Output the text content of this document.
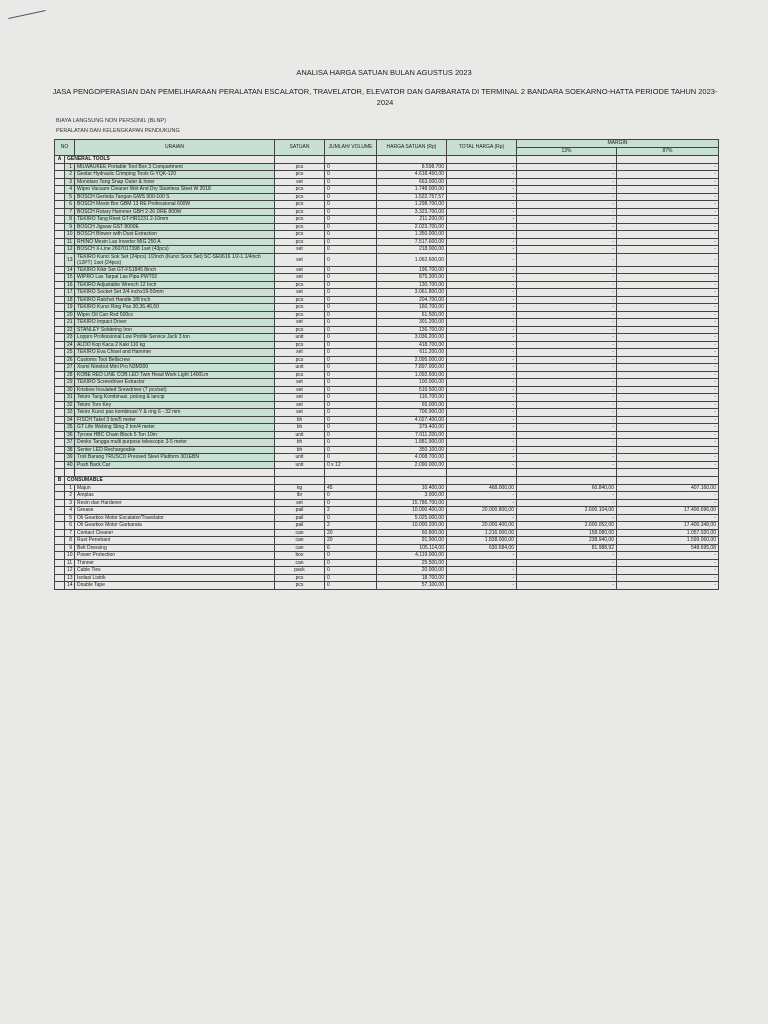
ANALISA HARGA SATUAN BULAN AGUSTUS 2023
JASA PENGOPERASIAN DAN PEMELIHARAAN PERALATAN ESCALATOR, TRAVELATOR, ELEVATOR DAN GARBARATA DI TERMINAL 2 BANDARA SOEKARNO-HATTA PERIODE TAHUN 2023-2024
BIAYA LANGSUNG NON PERSONIL (BLNP)
PERALATAN DAN KELENGKAPAN PENDUKUNG
NO		URAIAN	SATUAN	JUMLAH/ VOLUME	HARGA SATUAN (Rp)	TOTAL HARGA (Rp)	MARGIN	
							13%	87%
A	GENERAL TOOLS							
	1	MILWAUKEE Portable Tool Box 3 Compartment	pcs	0	8.598.700	-	-	-
	2	Gestar Hydraulic Crimping Tools G-YQK-120	pcs	0	4.618.450,00	-	-	-
	3	Monotaro Tang Snap Outer & Inner	set	0	663.000,00	-	-	-
	4	Wipro Vacuum Cleaner Wet And Dry Stainless Steel W 2018	pcs	0	1.748.000,00	-	-	-
	5	BOSCH Gerinda Tangan GWS 900-100 S	pcs	0	1.522.757,57	-	-	-
	6	BOSCH Mesin Bor GBM 13 RE Professional 600W	pcs	0	1.298.700,00	-	-	-
	7	BOSCH Rotary Hammer GBH 2-26 DRE 800W	pcs	0	3.323.700,00	-	-	-
	8	TEKIRO Tang Rivet GT-HR1231 2-10mm	pcs	0	211.200,00	-	-	-
	9	BOSCH Jigsaw GST 8000E	pcs	0	2.023.700,00	-	-	-
	10	BOSCH Blower with Dust Extraction	pcs	0	1.350.000,00	-	-	-
	11	RHINO Mesin Las Inverter MIG 250 A	pcs	0	7.517.600,00	-	-	-
	12	BOSCH X-Line 2607017398 1set (43pcs)	set	0	218.000,00	-	-	-
	13	TEKIRO Kunci Sok Set (24pcs) 1/2inch (Kunci Sock Set) SC-SE0616 1/2-1.1/4inch (12PT) 1set (24pcs)	set	0	1.062.600,00	-	-	-
	14	TEKIRO Kikir Set GT-FS1845 8inch	set	0	196.700,00	-	-	-
	15	WIPRO Las Tarpal Las Pipa PWT02	set	0	875.300,00	-	-	-
	16	TEKIRO Adjustable Wrench 12 Inch	pcs	0	130.700,00	-	-	-
	17	TEKIRO Socket Set 3/4 inchx19-50mm	set	0	3.061.800,00	-	-	-
	18	TEKIRO Ratchet Handle 3/8 inch	pcs	0	204.700,00	-	-	-
	19	TEKIRO Kunci Ring Pas 30,36,46,50	pcs	0	160.700,00	-	-	-
	20	Wipro Oil Can Rxd 500cc	pcs	0	61.500,00	-	-	-
	21	TEKIRO Impact Driver	set	0	301.200,00	-	-	-
	22	STANLEY Soldering Iron	pcs	0	136.700,00	-	-	-
	23	Loppro Professional Low Profile Service Jack 3 ton	unit	0	3.036.200,00	-	-	-
	24	ALDO Kop Kaca 2 Kaki 110 kg	pcs	0	418.700,00	-	-	-
	25	TEKIRO Eva Chisel and Hammer	set	0	611.200,00	-	-	-
	26	Customs Tool Bellscrew	pcs	0	2.095.000,00	-	-	-
	27	Xiomi Ninebot Mini Pro N3M300	unit	0	7.897.000,00	-	-	-
	28	KOBE RED LINE COB LED Twin Head Work Light 1400Lm	pcs	0	1.092.600,00	-	-	-
	29	TEKIRO Screwdriver Extractor	set	0	100.000,00	-	-	-
	30	Krisbow Insulated Srewdriver (7 pcs/set)	set	0	516.500,00	-	-	-
	31	Tekiro Tang Kombinasi, potong & lancip	set	0	116.700,00	-	-	-
	32	Tekiro Torx Key	set	0	65.000,00	-	-	-
	33	Tekiro Kunci pas kombinasi Y & ring 6 - 32 mm	set	0	706.900,00	-	-	-
	34	FISCH Takel 3 ton/5 meter	bh	0	4.027.400,00	-	-	-
	35	GT Life Webing Sling 2 ton/4 meter	bh	0	379.400,00	-	-	-
	36	Tyrone HBC Chain Block 5 Ton 10m	unit	0	7.011.200,00	-	-	-
	37	Denko Tangga multi purpose telescopic 3-5 meter	bh	0	1.881.900,00	-	-	-
	38	Senter LED Rechargeable	bh	0	350.100,00	-	-	-
	39	Troli Barang TRUSCO Pressed Steel Platform 301EBN	unit	0	4.008.700,00	-	-	-
	40	Push Back Car	unit	0 x 12	2.090.000,00	-	-	-

B	CONSUMABLE							
	1	Majun	kg	45	10.400,00	468.000,00	60.840,00	407.160,00
	2	Amplas	lbr	0	3.000,00	-	-	-
	3	Resin dan Hardener	set	0	15.786.700,00	-	-	-
	4	Grease	pail	2	10.000.400,00	20.000.800,00	2.600.104,00	17.400.696,00
	5	Oli Gearbox Motor Escalator/Travelator	pail	0	5.025.000,00	-	-	-
	6	Oli Gearbox Motor Garbarata	pail	2	10.000.200,00	20.000.400,00	2.600.052,00	17.400.348,00
	7	Contact Cleaner	can	20	60.800,00	1.216.000,00	158.080,00	1.057.920,00
	8	Rust Penetrant	can	20	91.900,00	1.838.000,00	238.940,00	1.599.060,00
	9	Belt Dressing	can	6	105.114,00	630.684,00	81.988,92	548.695,08
	10	Power Protection	box	0	4.119.000,00	-	-	-
	11	Thinner	can	0	25.500,00	-	-	-
	12	Cable Ties	pack	0	20.000,00	-	-	-
	13	Isolasi Listrik	pcs	0	18.700,00	-	-	-
	14	Double Tape	pcs	0	57.100,00	-	-	-
